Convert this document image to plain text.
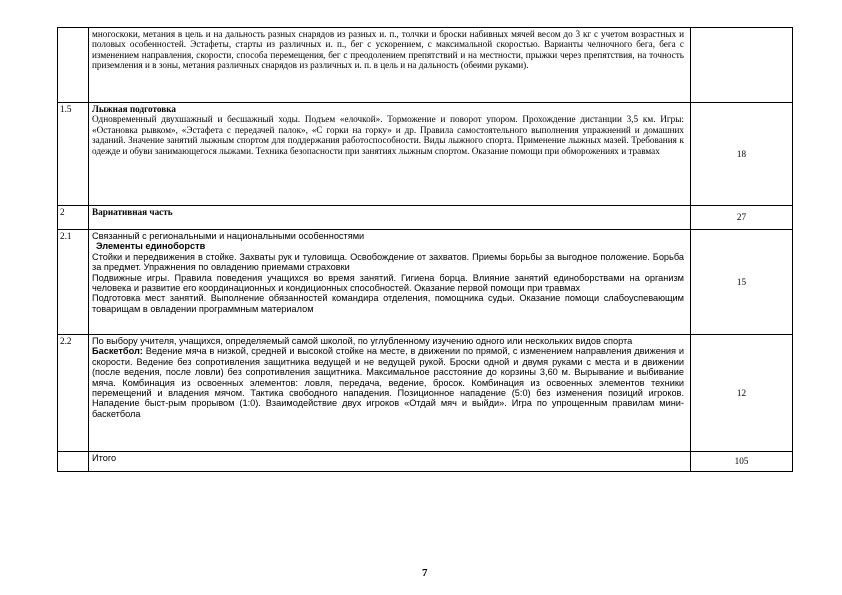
	многоскоки, метания в цель и на дальность разных снарядов из разных и. п., толчки и броски набивных мячей весом до 3 кг с учетом возрастных и половых особенностей. Эстафеты, старты из различных и. п., бег с ускорением, с максимальной скоростью. Варианты челночного бега, бега с изменением направления, скорости, способа перемещения, бег с преодолением препятствий и на местности, прыжки через препятствия, на точность приземления и в зоны, метания различных снарядов из различных и. п. в цель и на дальность (обеими руками).	

1.5	Лыжная подготовка

Одновременный двухшажный и бесшажный ходы. Подъем «елочкой». Торможение и поворот упором. Прохождение дистанции 3,5 км. Игры: «Остановка рывком», «Эстафета с передачей палок», «С горки на горку» и др. Правила самостоятельного выполнения упражнений и домашних заданий. Значение занятий лыжным спортом для поддержания работоспособности. Виды лыжного спорта. Применение лыжных мазей. Требования к одежде и обуви занимающегося лыжами. Техника безопасности при занятиях лыжным спортом. Оказание помощи при обморожениях и травмах	18
2	Вариативная часть	27
2.1	Связанный с региональными и национальными особенностями

Элементы единоборств

Стойки и передвижения в стойке. Захваты рук и туловища. Освобождение от захватов. Приемы борьбы за выгодное положение. Борьба за предмет. Упражнения по овладению приемами страховки

Подвижные игры. Правила поведения учащихся во время занятий. Гигиена борца. Влияние занятий единоборствами на организм человека и развитие его координационных и кондиционных способностей. Оказание первой помощи при травмах

Подготовка мест занятий. Выполнение обязанностей командира отделения, помощника судьи. Оказание помощи слабоуспевающим товарищам в овладении программным материалом	15
2.2	По выбору учителя, учащихся, определяемый самой школой, по углубленному изучению одного или нескольких видов спорта

Баскетбол: Ведение мяча в низкой, средней и высокой стойке на месте, в движении по прямой, с изменением направления движения и скорости. Ведение без сопротивления защитника ведущей и не ведущей рукой. Броски одной и двумя руками с места и в движении (после ведения, после ловли) без сопротивления защитника. Максимальное расстояние до корзины 3,60 м. Вырывание и выбивание мяча. Комбинация из освоенных элементов: ловля, передача, ведение, бросок. Комбинация из освоенных элементов техники перемещений и владения мячом. Тактика свободного нападения. Позиционное нападение (5:0) без изменения позиций игроков. Нападение быст-рым прорывом (1:0). Взаимодействие двух игроков «Отдай мяч и выйди». Игра по упрощенным правилам мини-баскетбола	12

	Итого	105
7
